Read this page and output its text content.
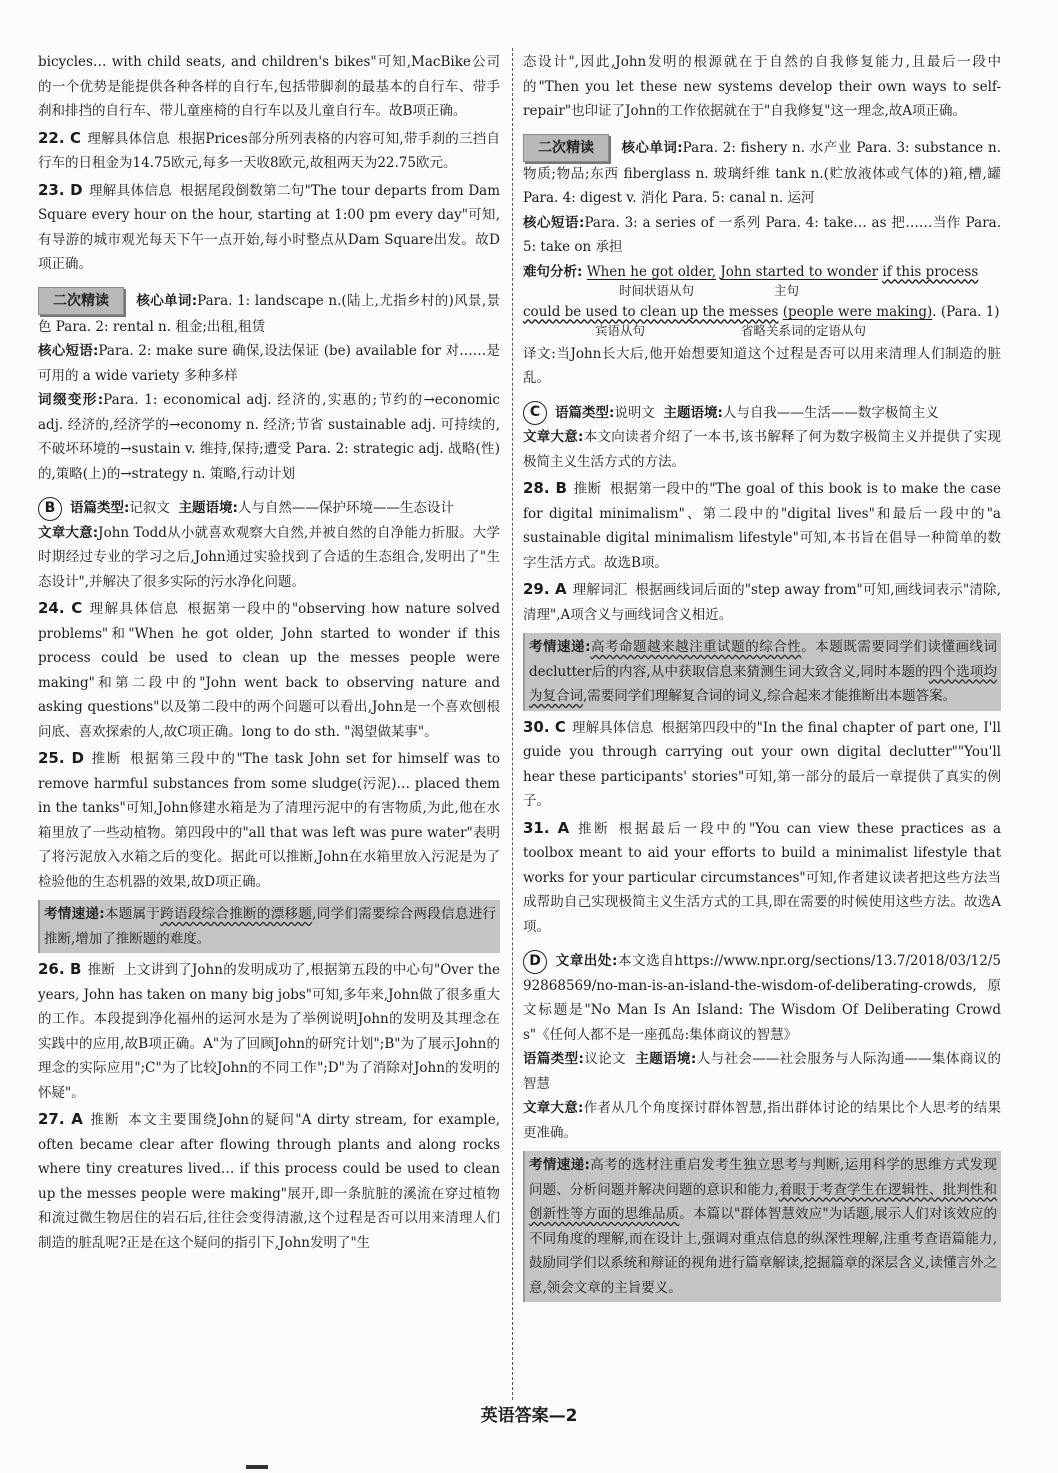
bicycles… with child seats, and children's bikes"可知,MacBike公司的一个优势是能提供各种各样的自行车,包括带脚刹的最基本的自行车、带手刹和排挡的自行车、带儿童座椅的自行车以及儿童自行车。故B项正确。

22. C 理解具体信息 根据Prices部分所列表格的内容可知,带手刹的三挡自行车的日租金为14.75欧元,每多一天收8欧元,故租两天为22.75欧元。

23. D 理解具体信息 根据尾段倒数第二句"The tour departs from Dam Square every hour on the hour, starting at 1:00 pm every day"可知,有导游的城市观光每天下午一点开始,每小时整点从Dam Square出发。故D项正确。

二次精读 核心单词:Para. 1: landscape n.(陆上,尤指乡村的)风景,景色 Para. 2: rental n. 租金;出租,租赁

核心短语:Para. 2: make sure 确保,设法保证 (be) available for 对……是可用的 a wide variety 多种多样

词缀变形:Para. 1: economical adj. 经济的,实惠的;节约的→economic adj. 经济的,经济学的→economy n. 经济;节省 sustainable adj. 可持续的,不破坏环境的→sustain v. 维持,保持;遭受 Para. 2: strategic adj. 战略(性)的,策略(上)的→strategy n. 策略,行动计划

B 语篇类型:记叙文 主题语境:人与自然——保护环境——生态设计

文章大意:John Todd从小就喜欢观察大自然,并被自然的自净能力折服。大学时期经过专业的学习之后,John通过实验找到了合适的生态组合,发明出了"生态设计",并解决了很多实际的污水净化问题。

24. C 理解具体信息 根据第一段中的"observing how nature solved problems"和"When he got older, John started to wonder if this process could be used to clean up the messes people were making"和第二段中的"John went back to observing nature and asking questions"以及第二段中的两个问题可以看出,John是一个喜欢刨根问底、喜欢探索的人,故C项正确。long to do sth. "渴望做某事"。

25. D 推断 根据第三段中的"The task John set for himself was to remove harmful substances from some sludge(污泥)… placed them in the tanks"可知,John修建水箱是为了清理污泥中的有害物质,为此,他在水箱里放了一些动植物。第四段中的"all that was left was pure water"表明了将污泥放入水箱之后的变化。据此可以推断,John在水箱里放入污泥是为了检验他的生态机器的效果,故D项正确。

考情速递:本题属于跨语段综合推断的漂移题,同学们需要综合两段信息进行推断,增加了推断题的难度。

26. B 推断 上文讲到了John的发明成功了,根据第五段的中心句"Over the years, John has taken on many big jobs"可知,多年来,John做了很多重大的工作。本段提到净化福州的运河水是为了举例说明John的发明及其理念在实践中的应用,故B项正确。A"为了回顾John的研究计划";B"为了展示John的理念的实际应用";C"为了比较John的不同工作";D"为了消除对John的发明的怀疑"。

27. A 推断 本文主要围绕John的疑问"A dirty stream, for example, often became clear after flowing through plants and along rocks where tiny creatures lived… if this process could be used to clean up the messes people were making"展开,即一条肮脏的溪流在穿过植物和流过微生物居住的岩石后,往往会变得清澈,这个过程是否可以用来清理人们制造的脏乱呢?正是在这个疑问的指引下,John发明了"生

态设计",因此,John发明的根源就在于自然的自我修复能力,且最后一段中的"Then you let these new systems develop their own ways to self-repair"也印证了John的工作依据就在于"自我修复"这一理念,故A项正确。

二次精读 核心单词:Para. 2: fishery n. 水产业 Para. 3: substance n. 物质;物品;东西 fiberglass n. 玻璃纤维 tank n.(贮放液体或气体的)箱,槽,罐 Para. 4: digest v. 消化 Para. 5: canal n. 运河

核心短语:Para. 3: a series of 一系列 Para. 4: take… as 把……当作 Para. 5: take on 承担

难句分析: When he got older, John started to wonder if this process
时间状语从句	主句
could be used to clean up the messes (people were making). (Para. 1)
宾语从句	省略关系词的定语从句

译文:当John长大后,他开始想要知道这个过程是否可以用来清理人们制造的脏乱。

C 语篇类型:说明文 主题语境:人与自我——生活——数字极简主义

文章大意:本文向读者介绍了一本书,该书解释了何为数字极简主义并提供了实现极简主义生活方式的方法。

28. B 推断 根据第一段中的"The goal of this book is to make the case for digital minimalism"、第二段中的"digital lives"和最后一段中的"a sustainable digital minimalism lifestyle"可知,本书旨在倡导一种简单的数字生活方式。故选B项。

29. A 理解词汇 根据画线词后面的"step away from"可知,画线词表示"清除,清理",A项含义与画线词含义相近。

考情速递:高考命题越来越注重试题的综合性。本题既需要同学们读懂画线词declutter后的内容,从中获取信息来猜测生词大致含义,同时本题的四个选项均为复合词,需要同学们理解复合词的词义,综合起来才能推断出本题答案。

30. C 理解具体信息 根据第四段中的"In the final chapter of part one, I'll guide you through carrying out your own digital declutter""You'll hear these participants' stories"可知,第一部分的最后一章提供了真实的例子。

31. A 推断 根据最后一段中的"You can view these practices as a toolbox meant to aid your efforts to build a minimalist lifestyle that works for your particular circumstances"可知,作者建议读者把这些方法当成帮助自己实现极简主义生活方式的工具,即在需要的时候使用这些方法。故选A项。

D 文章出处:本文选自https://www.npr.org/sections/13.7/2018/03/12/592868569/no-man-is-an-island-the-wisdom-of-deliberating-crowds,原文标题是"No Man Is An Island: The Wisdom Of Deliberating Crowds"《任何人都不是一座孤岛:集体商议的智慧》

语篇类型:议论文 主题语境:人与社会——社会服务与人际沟通——集体商议的智慧

文章大意:作者从几个角度探讨群体智慧,指出群体讨论的结果比个人思考的结果更准确。

考情速递:高考的选材注重启发考生独立思考与判断,运用科学的思维方式发现问题、分析问题并解决问题的意识和能力,着眼于考查学生在逻辑性、批判性和创新性等方面的思维品质。本篇以"群体智慧效应"为话题,展示人们对该效应的不同角度的理解,而在设计上,强调对重点信息的纵深性理解,注重考查语篇能力,鼓励同学们以系统和辩证的视角进行篇章解读,挖掘篇章的深层含义,读懂言外之意,领会文章的主旨要义。

英语答案—2
